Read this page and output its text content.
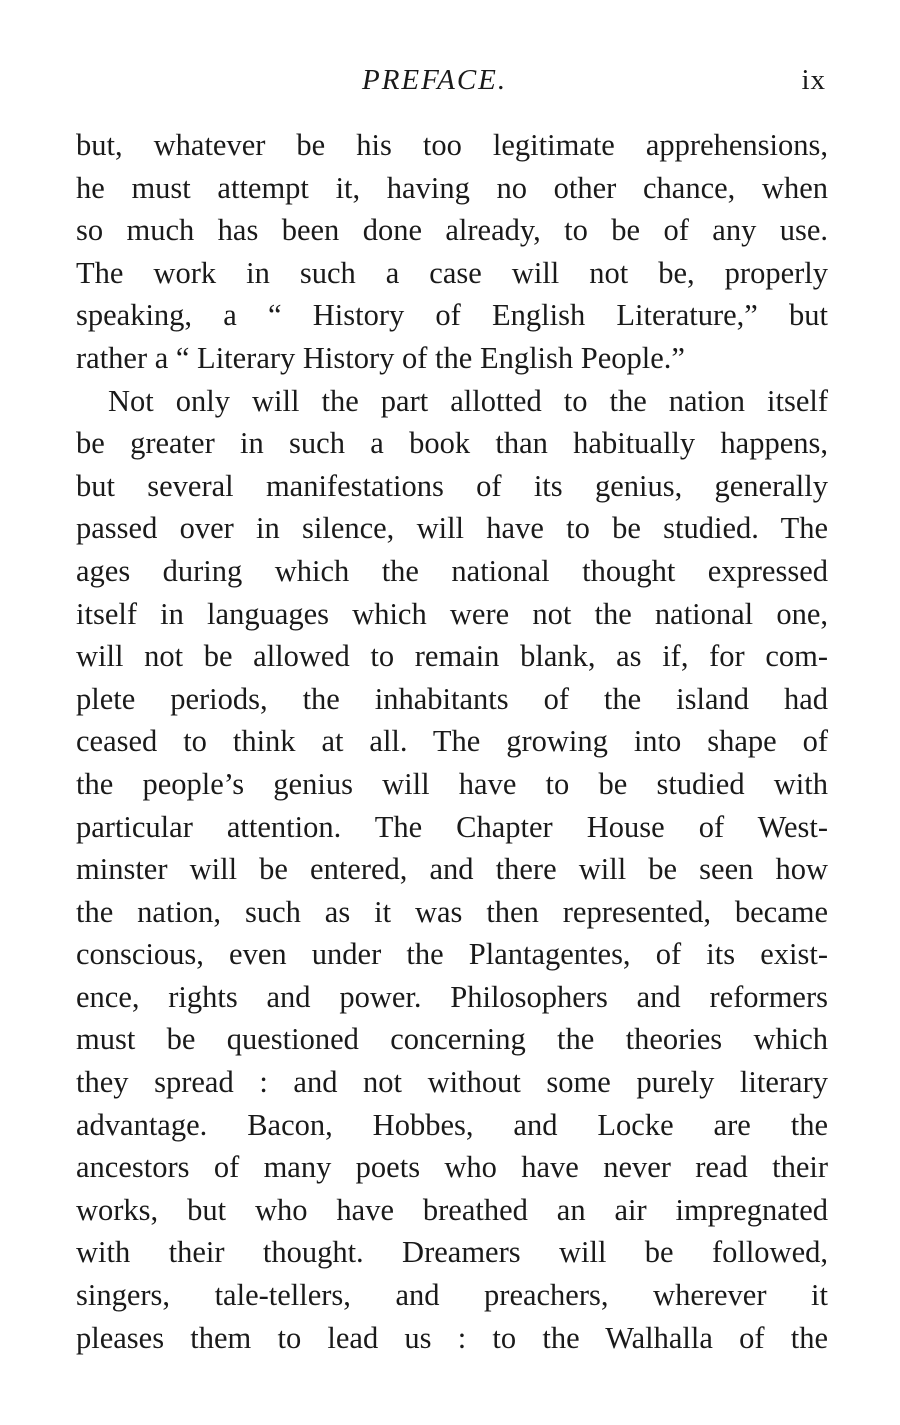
PREFACE.	ix
but, whatever be his too legitimate apprehensions,
he must attempt it, having no other chance, when
so much has been done already, to be of any use.
The work in such a case will not be, properly
speaking, a “ History of English Literature,” but
rather a “ Literary History of the English People.”
Not only will the part allotted to the nation itself
be greater in such a book than habitually happens,
but several manifestations of its genius, generally
passed over in silence, will have to be studied. The
ages during which the national thought expressed
itself in languages which were not the national one,
will not be allowed to remain blank, as if, for com-
plete periods, the inhabitants of the island had
ceased to think at all. The growing into shape of
the people’s genius will have to be studied with
particular attention. The Chapter House of West-
minster will be entered, and there will be seen how
the nation, such as it was then represented, became
conscious, even under the Plantagentes, of its exist-
ence, rights and power. Philosophers and reformers
must be questioned concerning the theories which
they spread : and not without some purely literary
advantage. Bacon, Hobbes, and Locke are the
ancestors of many poets who have never read their
works, but who have breathed an air impregnated
with their thought. Dreamers will be followed,
singers, tale-tellers, and preachers, wherever it
pleases them to lead us : to the Walhalla of the
